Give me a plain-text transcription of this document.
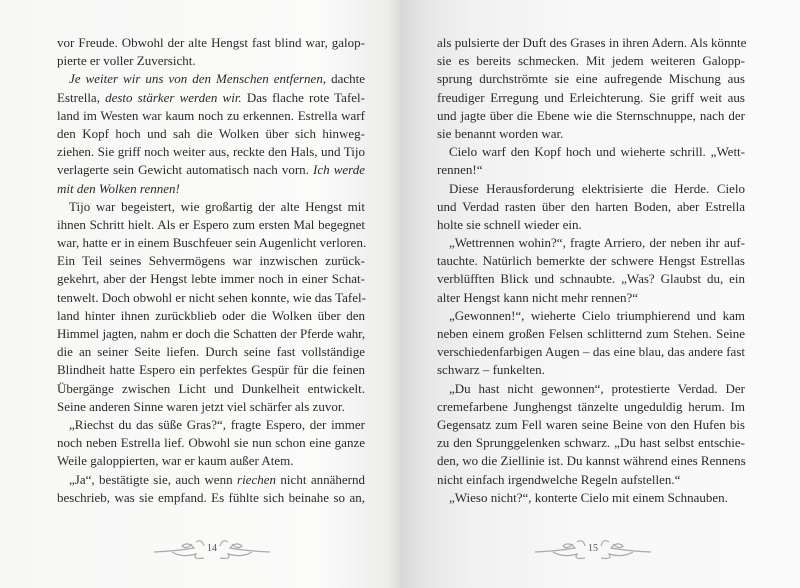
vor Freude. Obwohl der alte Hengst fast blind war, galop-
pierte er voller Zuversicht.
Je weiter wir uns von den Menschen entfernen, dachte
Estrella, desto stärker werden wir. Das flache rote Tafel-
land im Westen war kaum noch zu erkennen. Estrella warf
den Kopf hoch und sah die Wolken über sich hinweg-
ziehen. Sie griff noch weiter aus, reckte den Hals, und Tijo
verlagerte sein Gewicht automatisch nach vorn. Ich werde
mit den Wolken rennen!
Tijo war begeistert, wie großartig der alte Hengst mit
ihnen Schritt hielt. Als er Espero zum ersten Mal begegnet
war, hatte er in einem Buschfeuer sein Augenlicht verloren.
Ein Teil seines Sehvermögens war inzwischen zurück-
gekehrt, aber der Hengst lebte immer noch in einer Schat-
tenwelt. Doch obwohl er nicht sehen konnte, wie das Tafel-
land hinter ihnen zurückblieb oder die Wolken über den
Himmel jagten, nahm er doch die Schatten der Pferde wahr,
die an seiner Seite liefen. Durch seine fast vollständige
Blindheit hatte Espero ein perfektes Gespür für die feinen
Übergänge zwischen Licht und Dunkelheit entwickelt.
Seine anderen Sinne waren jetzt viel schärfer als zuvor.
„Riechst du das süße Gras?“, fragte Espero, der immer
noch neben Estrella lief. Obwohl sie nun schon eine ganze
Weile galoppierten, war er kaum außer Atem.
„Ja“, bestätigte sie, auch wenn riechen nicht annähernd
beschrieb, was sie empfand. Es fühlte sich beinahe so an,
14
als pulsierte der Duft des Grases in ihren Adern. Als könnte
sie es bereits schmecken. Mit jedem weiteren Galopp-
sprung durchströmte sie eine aufregende Mischung aus
freudiger Erregung und Erleichterung. Sie griff weit aus
und jagte über die Ebene wie die Sternschnuppe, nach der
sie benannt worden war.
Cielo warf den Kopf hoch und wieherte schrill. „Wett-
rennen!“
Diese Herausforderung elektrisierte die Herde. Cielo
und Verdad rasten über den harten Boden, aber Estrella
holte sie schnell wieder ein.
„Wettrennen wohin?“, fragte Arriero, der neben ihr auf-
tauchte. Natürlich bemerkte der schwere Hengst Estrellas
verblüfften Blick und schnaubte. „Was? Glaubst du, ein
alter Hengst kann nicht mehr rennen?“
„Gewonnen!“, wieherte Cielo triumphierend und kam
neben einem großen Felsen schlitternd zum Stehen. Seine
verschiedenfarbigen Augen – das eine blau, das andere fast
schwarz – funkelten.
„Du hast nicht gewonnen“, protestierte Verdad. Der
cremefarbene Junghengst tänzelte ungeduldig herum. Im
Gegensatz zum Fell waren seine Beine von den Hufen bis
zu den Sprunggelenken schwarz. „Du hast selbst entschie-
den, wo die Ziellinie ist. Du kannst während eines Rennens
nicht einfach irgendwelche Regeln aufstellen.“
„Wieso nicht?“, konterte Cielo mit einem Schnauben.
15
